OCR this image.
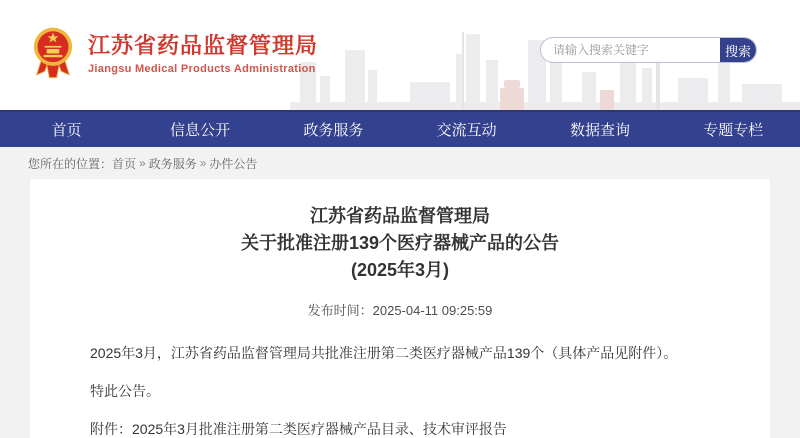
江苏省药品监督管理局
Jiangsu Medical Products Administration
请输入搜索关键字
搜索
首页	信息公开	政务服务	交流互动	数据查询	专题专栏
您所在的位置： 首页 » 政务服务 » 办件公告
江苏省药品监督管理局
关于批准注册139个医疗器械产品的公告
(2025年3月)
发布时间：2025-04-11 09:25:59

2025年3月，江苏省药品监督管理局共批准注册第二类医疗器械产品139个（具体产品见附件）。

特此公告。

附件：2025年3月批准注册第二类医疗器械产品目录、技术审评报告
